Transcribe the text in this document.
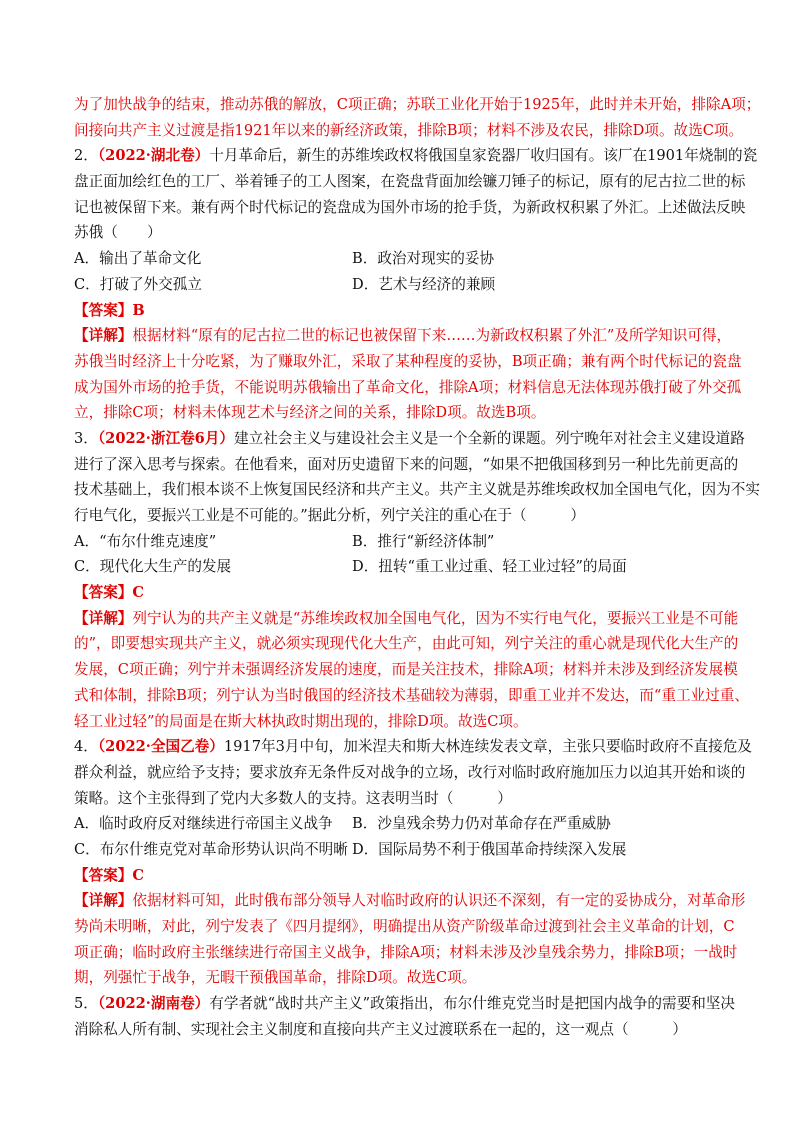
为了加快战争的结束，推动苏俄的解放，C项正确；苏联工业化开始于1925年，此时并未开始，排除A项；
间接向共产主义过渡是指1921年以来的新经济政策，排除B项；材料不涉及农民，排除D项。故选C项。
2．（2022·湖北卷）十月革命后，新生的苏维埃政权将俄国皇家瓷器厂收归国有。该厂在1901年烧制的瓷
盘正面加绘红色的工厂、举着锤子的工人图案，在瓷盘背面加绘镰刀锤子的标记，原有的尼古拉二世的标
记也被保留下来。兼有两个时代标记的瓷盘成为国外市场的抢手货，为新政权积累了外汇。上述做法反映
苏俄（　　）
A．输出了革命文化	B．政治对现实的妥协
C．打破了外交孤立	D．艺术与经济的兼顾
【答案】B
【详解】根据材料“原有的尼古拉二世的标记也被保留下来……为新政权积累了外汇”及所学知识可得，
苏俄当时经济上十分吃紧，为了赚取外汇，采取了某种程度的妥协，B项正确；兼有两个时代标记的瓷盘
成为国外市场的抢手货，不能说明苏俄输出了革命文化，排除A项；材料信息无法体现苏俄打破了外交孤
立，排除C项；材料未体现艺术与经济之间的关系，排除D项。故选B项。
3．（2022·浙江卷6月）建立社会主义与建设社会主义是一个全新的课题。列宁晚年对社会主义建设道路
进行了深入思考与探索。在他看来，面对历史遗留下来的问题，“如果不把俄国移到另一种比先前更高的
技术基础上，我们根本谈不上恢复国民经济和共产主义。共产主义就是苏维埃政权加全国电气化，因为不实
行电气化，要振兴工业是不可能的。”据此分析，列宁关注的重心在于（　　　）
A．“布尔什维克速度”	B．推行“新经济体制”
C．现代化大生产的发展	D．扭转“重工业过重、轻工业过轻”的局面
【答案】C
【详解】列宁认为的共产主义就是“苏维埃政权加全国电气化，因为不实行电气化，要振兴工业是不可能
的”，即要想实现共产主义，就必须实现现代化大生产，由此可知，列宁关注的重心就是现代化大生产的
发展，C项正确；列宁并未强调经济发展的速度，而是关注技术，排除A项；材料并未涉及到经济发展模
式和体制，排除B项；列宁认为当时俄国的经济技术基础较为薄弱，即重工业并不发达，而“重工业过重、
轻工业过轻”的局面是在斯大林执政时期出现的，排除D项。故选C项。
4．（2022·全国乙卷）1917年3月中旬，加米涅夫和斯大林连续发表文章，主张只要临时政府不直接危及
群众利益，就应给予支持；要求放弃无条件反对战争的立场，改行对临时政府施加压力以迫其开始和谈的
策略。这个主张得到了党内大多数人的支持。这表明当时（　　　）
A．临时政府反对继续进行帝国主义战争	B．沙皇残余势力仍对革命存在严重威胁
C．布尔什维克党对革命形势认识尚不明晰 D．国际局势不利于俄国革命持续深入发展
【答案】C
【详解】依据材料可知，此时俄布部分领导人对临时政府的认识还不深刻，有一定的妥协成分，对革命形
势尚未明晰，对此，列宁发表了《四月提纲》，明确提出从资产阶级革命过渡到社会主义革命的计划，C
项正确；临时政府主张继续进行帝国主义战争，排除A项；材料未涉及沙皇残余势力，排除B项；一战时
期，列强忙于战争，无暇干预俄国革命，排除D项。故选C项。
5．（2022·湖南卷）有学者就“战时共产主义”政策指出，布尔什维克党当时是把国内战争的需要和坚决
消除私人所有制、实现社会主义制度和直接向共产主义过渡联系在一起的，这一观点（　　　）
